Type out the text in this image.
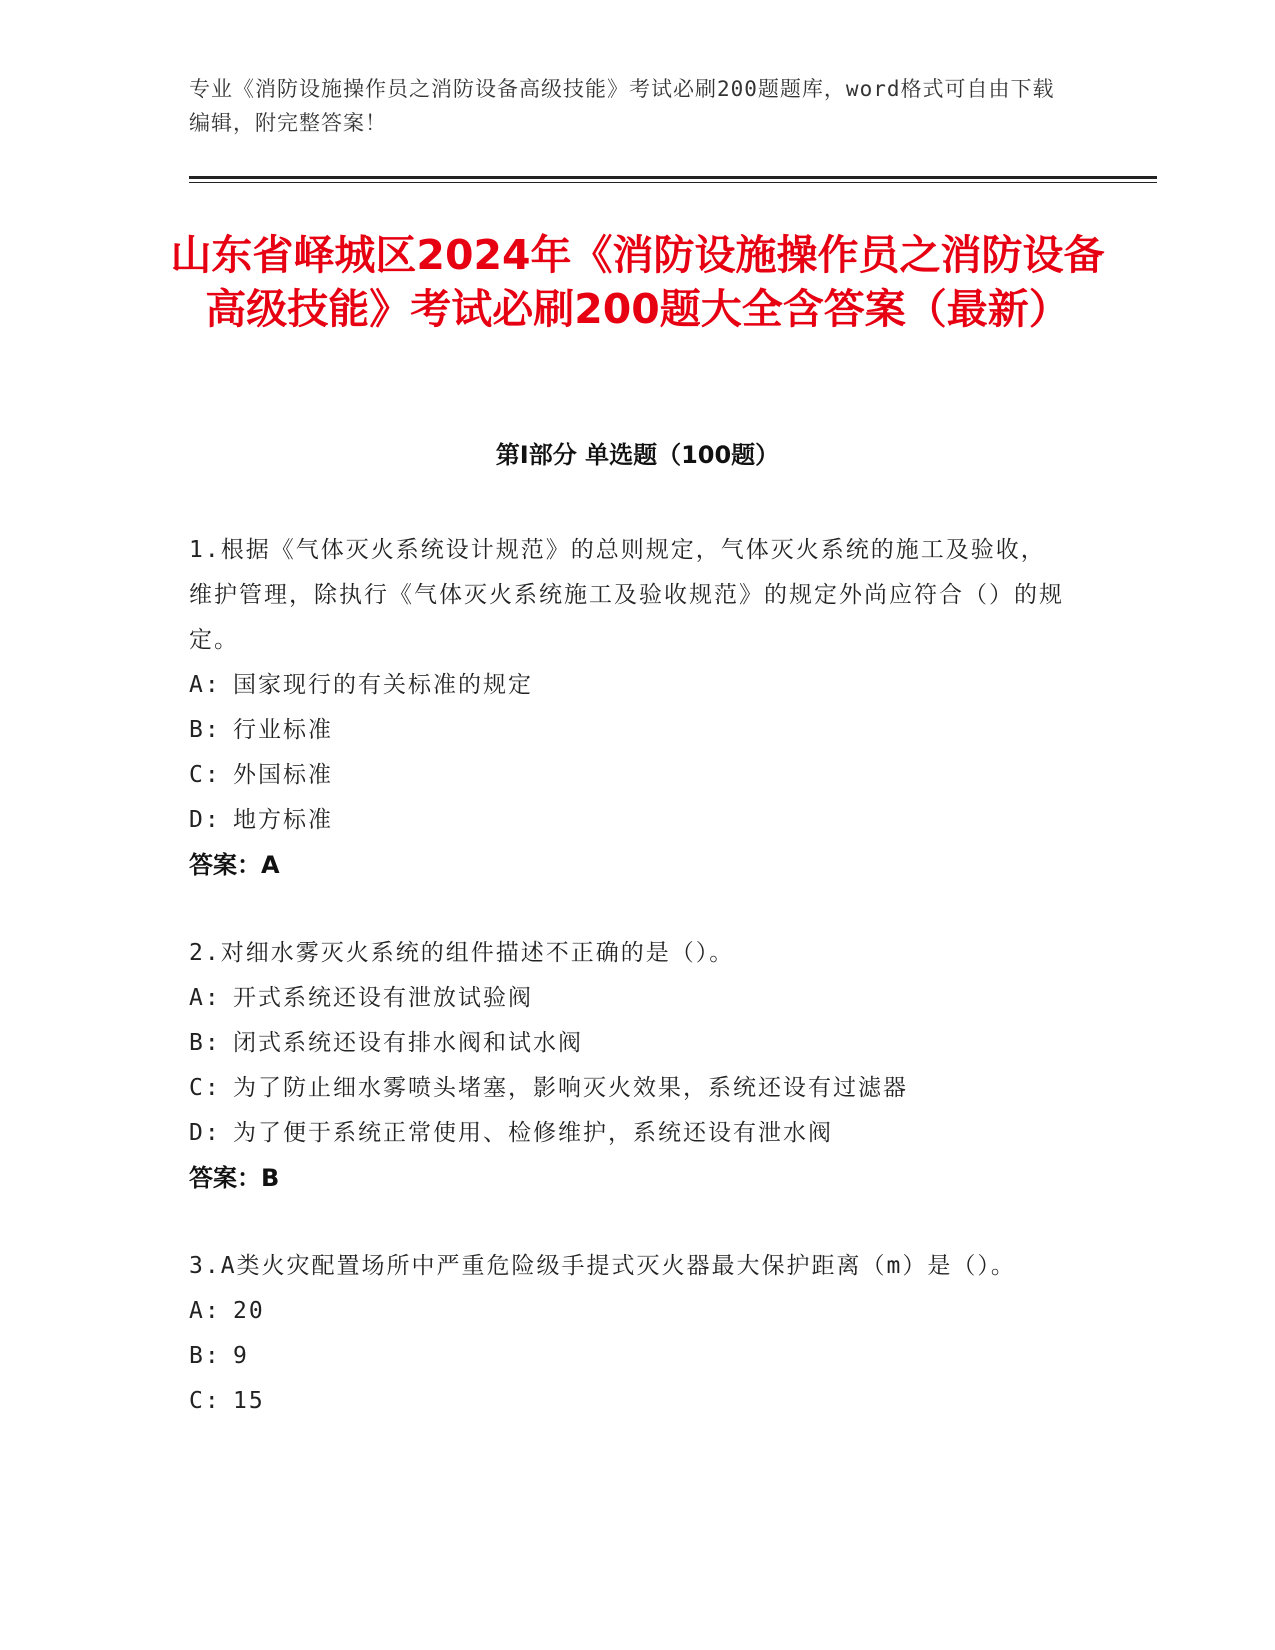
专业《消防设施操作员之消防设备高级技能》考试必刷200题题库，word格式可自由下载编辑，附完整答案！
山东省峄城区2024年《消防设施操作员之消防设备高级技能》考试必刷200题大全含答案（最新）
第I部分 单选题（100题）
1.根据《气体灭火系统设计规范》的总则规定，气体灭火系统的施工及验收，维护管理，除执行《气体灭火系统施工及验收规范》的规定外尚应符合（）的规定。
A: 国家现行的有关标准的规定
B: 行业标准
C: 外国标准
D: 地方标准
答案：A
2.对细水雾灭火系统的组件描述不正确的是（）。
A: 开式系统还设有泄放试验阀
B: 闭式系统还设有排水阀和试水阀
C: 为了防止细水雾喷头堵塞，影响灭火效果，系统还设有过滤器
D: 为了便于系统正常使用、检修维护，系统还设有泄水阀
答案：B
3.A类火灾配置场所中严重危险级手提式灭火器最大保护距离（m）是（）。
A: 20
B: 9
C: 15
